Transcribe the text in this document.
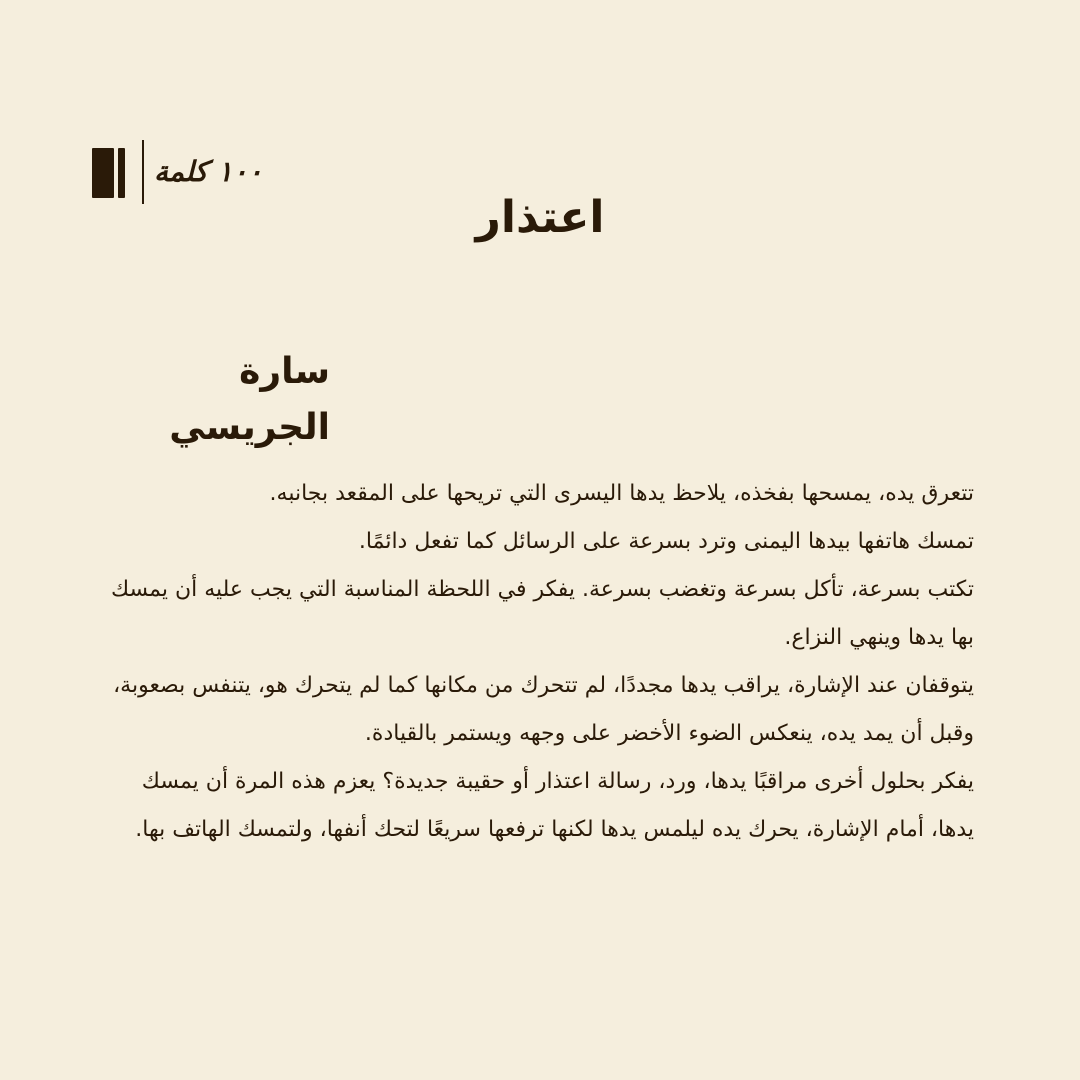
١٠٠ كلمة
اعتذار
سارة الجريسي

تتعرق يده، يمسحها بفخذه، يلاحظ يدها اليسرى التي تريحها على المقعد بجانبه.

تمسك هاتفها بيدها اليمنى وترد بسرعة على الرسائل كما تفعل دائمًا.

تكتب بسرعة، تأكل بسرعة وتغضب بسرعة. يفكر في اللحظة المناسبة التي يجب عليه أن يمسك بها يدها وينهي النزاع.

يتوقفان عند الإشارة، يراقب يدها مجددًا، لم تتحرك من مكانها كما لم يتحرك هو، يتنفس بصعوبة، وقبل أن يمد يده، ينعكس الضوء الأخضر على وجهه ويستمر بالقيادة.

يفكر بحلول أخرى مراقبًا يدها، ورد، رسالة اعتذار أو حقيبة جديدة؟ يعزم هذه المرة أن يمسك يدها، أمام الإشارة، يحرك يده ليلمس يدها لكنها ترفعها سريعًا لتحك أنفها، ولتمسك الهاتف بها.
